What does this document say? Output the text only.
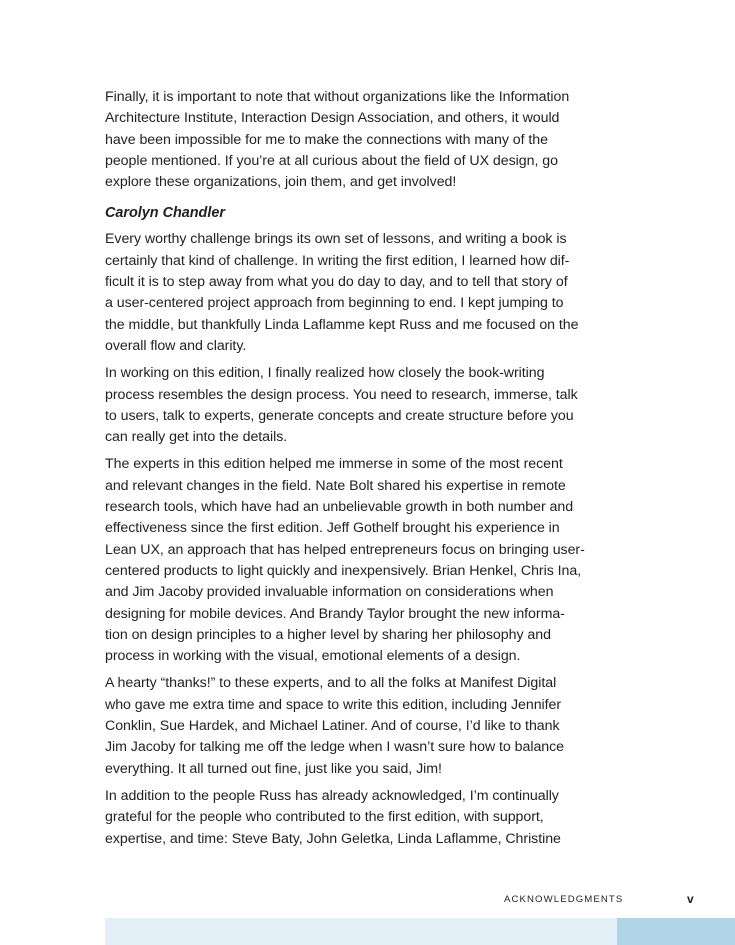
Finally, it is important to note that without organizations like the Information
Architecture Institute, Interaction Design Association, and others, it would
have been impossible for me to make the connections with many of the
people mentioned. If you’re at all curious about the field of UX design, go
explore these organizations, join them, and get involved!

Carolyn Chandler

Every worthy challenge brings its own set of lessons, and writing a book is
certainly that kind of challenge. In writing the first edition, I learned how dif-
ficult it is to step away from what you do day to day, and to tell that story of
a user-centered project approach from beginning to end. I kept jumping to
the middle, but thankfully Linda Laflamme kept Russ and me focused on the
overall flow and clarity.

In working on this edition, I finally realized how closely the book-writing
process resembles the design process. You need to research, immerse, talk
to users, talk to experts, generate concepts and create structure before you
can really get into the details.

The experts in this edition helped me immerse in some of the most recent
and relevant changes in the field. Nate Bolt shared his expertise in remote
research tools, which have had an unbelievable growth in both number and
effectiveness since the first edition. Jeff Gothelf brought his experience in
Lean UX, an approach that has helped entrepreneurs focus on bringing user-
centered products to light quickly and inexpensively. Brian Henkel, Chris Ina,
and Jim Jacoby provided invaluable information on considerations when
designing for mobile devices. And Brandy Taylor brought the new informa-
tion on design principles to a higher level by sharing her philosophy and
process in working with the visual, emotional elements of a design.

A hearty “thanks!” to these experts, and to all the folks at Manifest Digital
who gave me extra time and space to write this edition, including Jennifer
Conklin, Sue Hardek, and Michael Latiner. And of course, I’d like to thank
Jim Jacoby for talking me off the ledge when I wasn’t sure how to balance
everything. It all turned out fine, just like you said, Jim!

In addition to the people Russ has already acknowledged, I’m continually
grateful for the people who contributed to the first edition, with support,
expertise, and time: Steve Baty, John Geletka, Linda Laflamme, Christine

ACKNOWLEDGMENTS	v
